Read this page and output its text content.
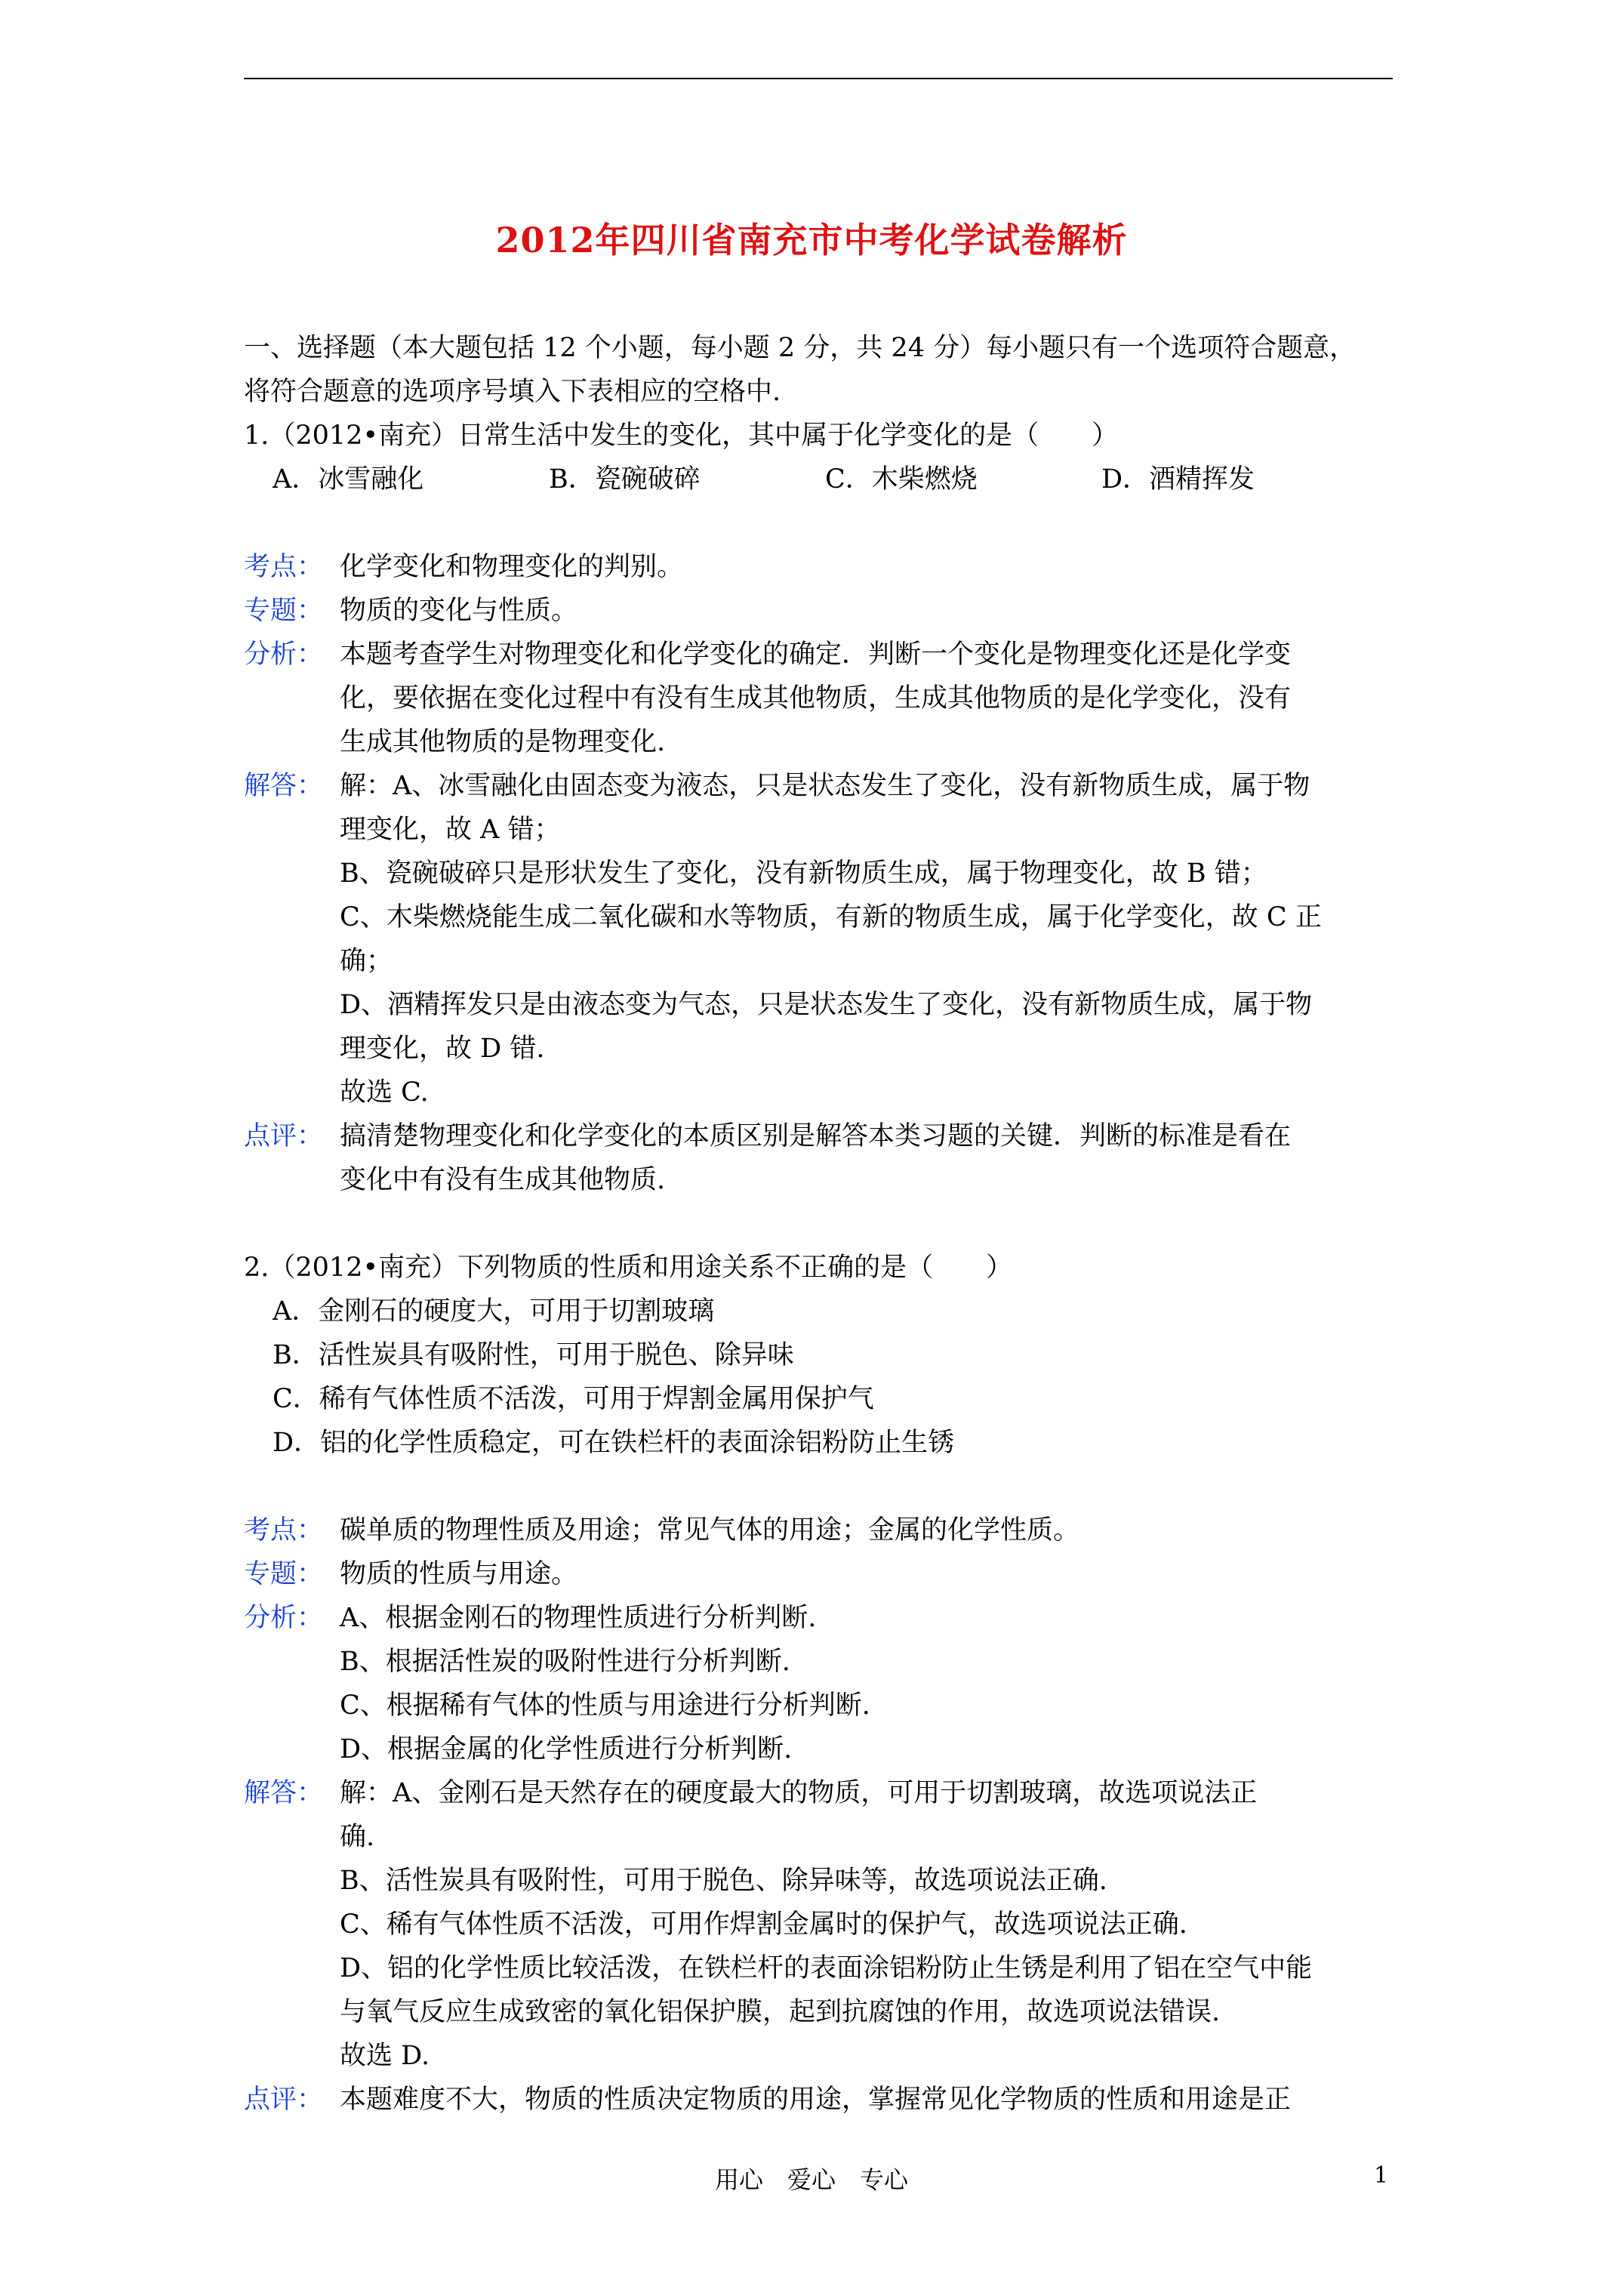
2012年四川省南充市中考化学试卷解析
一、选择题（本大题包括 12 个小题，每小题 2 分，共 24 分）每小题只有一个选项符合题意，
将符合题意的选项序号填入下表相应的空格中.
1.（2012•南充）日常生活中发生的变化，其中属于化学变化的是（　　）
A．冰雪融化	B．瓷碗破碎	C．木柴燃烧	D．酒精挥发
考点： 化学变化和物理变化的判别。
专题： 物质的变化与性质。
分析： 本题考查学生对物理变化和化学变化的确定．判断一个变化是物理变化还是化学变
化，要依据在变化过程中有没有生成其他物质，生成其他物质的是化学变化，没有
生成其他物质的是物理变化.
解答： 解：A、冰雪融化由固态变为液态，只是状态发生了变化，没有新物质生成，属于物
理变化，故 A 错；
B、瓷碗破碎只是形状发生了变化，没有新物质生成，属于物理变化，故 B 错；
C、木柴燃烧能生成二氧化碳和水等物质，有新的物质生成，属于化学变化，故 C 正
确；
D、酒精挥发只是由液态变为气态，只是状态发生了变化，没有新物质生成，属于物
理变化，故 D 错.
故选 C.
点评： 搞清楚物理变化和化学变化的本质区别是解答本类习题的关键．判断的标准是看在
变化中有没有生成其他物质.
2.（2012•南充）下列物质的性质和用途关系不正确的是（　　）
A．金刚石的硬度大，可用于切割玻璃
B．活性炭具有吸附性，可用于脱色、除异味
C．稀有气体性质不活泼，可用于焊割金属用保护气
D．铝的化学性质稳定，可在铁栏杆的表面涂铝粉防止生锈
考点： 碳单质的物理性质及用途；常见气体的用途；金属的化学性质。
专题： 物质的性质与用途。
分析： A、根据金刚石的物理性质进行分析判断.
B、根据活性炭的吸附性进行分析判断.
C、根据稀有气体的性质与用途进行分析判断.
D、根据金属的化学性质进行分析判断.
解答： 解：A、金刚石是天然存在的硬度最大的物质，可用于切割玻璃，故选项说法正
确.
B、活性炭具有吸附性，可用于脱色、除异味等，故选项说法正确.
C、稀有气体性质不活泼，可用作焊割金属时的保护气，故选项说法正确.
D、铝的化学性质比较活泼，在铁栏杆的表面涂铝粉防止生锈是利用了铝在空气中能
与氧气反应生成致密的氧化铝保护膜，起到抗腐蚀的作用，故选项说法错误.
故选 D.
点评： 本题难度不大，物质的性质决定物质的用途，掌握常见化学物质的性质和用途是正
用心　爱心　专心	1
